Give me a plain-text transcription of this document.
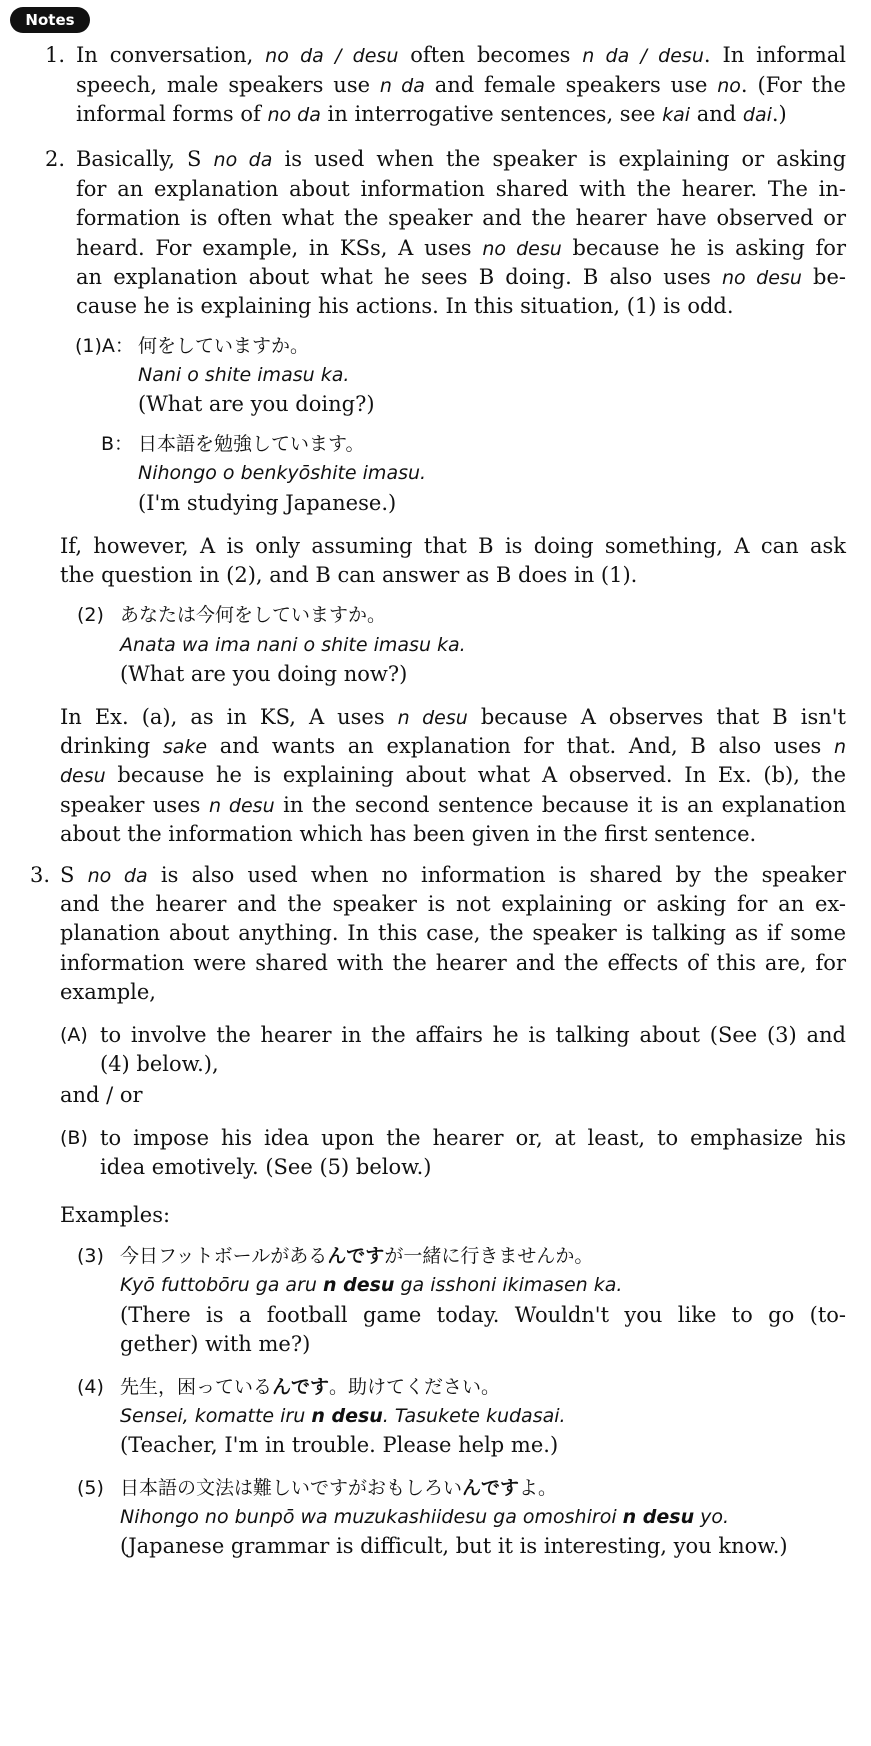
Notes
1. In conversation, no da / desu often becomes n da / desu. In informal
speech, male speakers use n da and female speakers use no. (For the
informal forms of no da in interrogative sentences, see kai and dai.)
2. Basically, S no da is used when the speaker is explaining or asking
for an explanation about information shared with the hearer. The in-
formation is often what the speaker and the hearer have observed or
heard. For example, in KSs, A uses no desu because he is asking for
an explanation about what he sees B doing. B also uses no desu be-
cause he is explaining his actions. In this situation, (1) is odd.
(1)A： 何をしていますか。
Nani o shite imasu ka.
(What are you doing?)
B： 日本語を勉強しています。
Nihongo o benkyōshite imasu.
(I'm studying Japanese.)
If, however, A is only assuming that B is doing something, A can ask
the question in (2), and B can answer as B does in (1).
(2) あなたは今何をしていますか。
Anata wa ima nani o shite imasu ka.
(What are you doing now?)
In Ex. (a), as in KS, A uses n desu because A observes that B isn't
drinking sake and wants an explanation for that. And, B also uses n
desu because he is explaining about what A observed. In Ex. (b), the
speaker uses n desu in the second sentence because it is an explanation
about the information which has been given in the first sentence.
3. S no da is also used when no information is shared by the speaker
and the hearer and the speaker is not explaining or asking for an ex-
planation about anything. In this case, the speaker is talking as if some
information were shared with the hearer and the effects of this are, for
example,
(A) to involve the hearer in the affairs he is talking about (See (3) and
(4) below.),
and / or
(B) to impose his idea upon the hearer or, at least, to emphasize his
idea emotively. (See (5) below.)
Examples:
(3) 今日フットボールがあるんですが一緒に行きませんか。
Kyō futtobōru ga aru n desu ga isshoni ikimasen ka.
(There is a football game today. Wouldn't you like to go (to-
gether) with me?)
(4) 先生，困っているんです。助けてください。
Sensei, komatte iru n desu. Tasukete kudasai.
(Teacher, I'm in trouble. Please help me.)
(5) 日本語の文法は難しいですがおもしろいんですよ。
Nihongo no bunpō wa muzukashiidesu ga omoshiroi n desu yo.
(Japanese grammar is difficult, but it is interesting, you know.)
